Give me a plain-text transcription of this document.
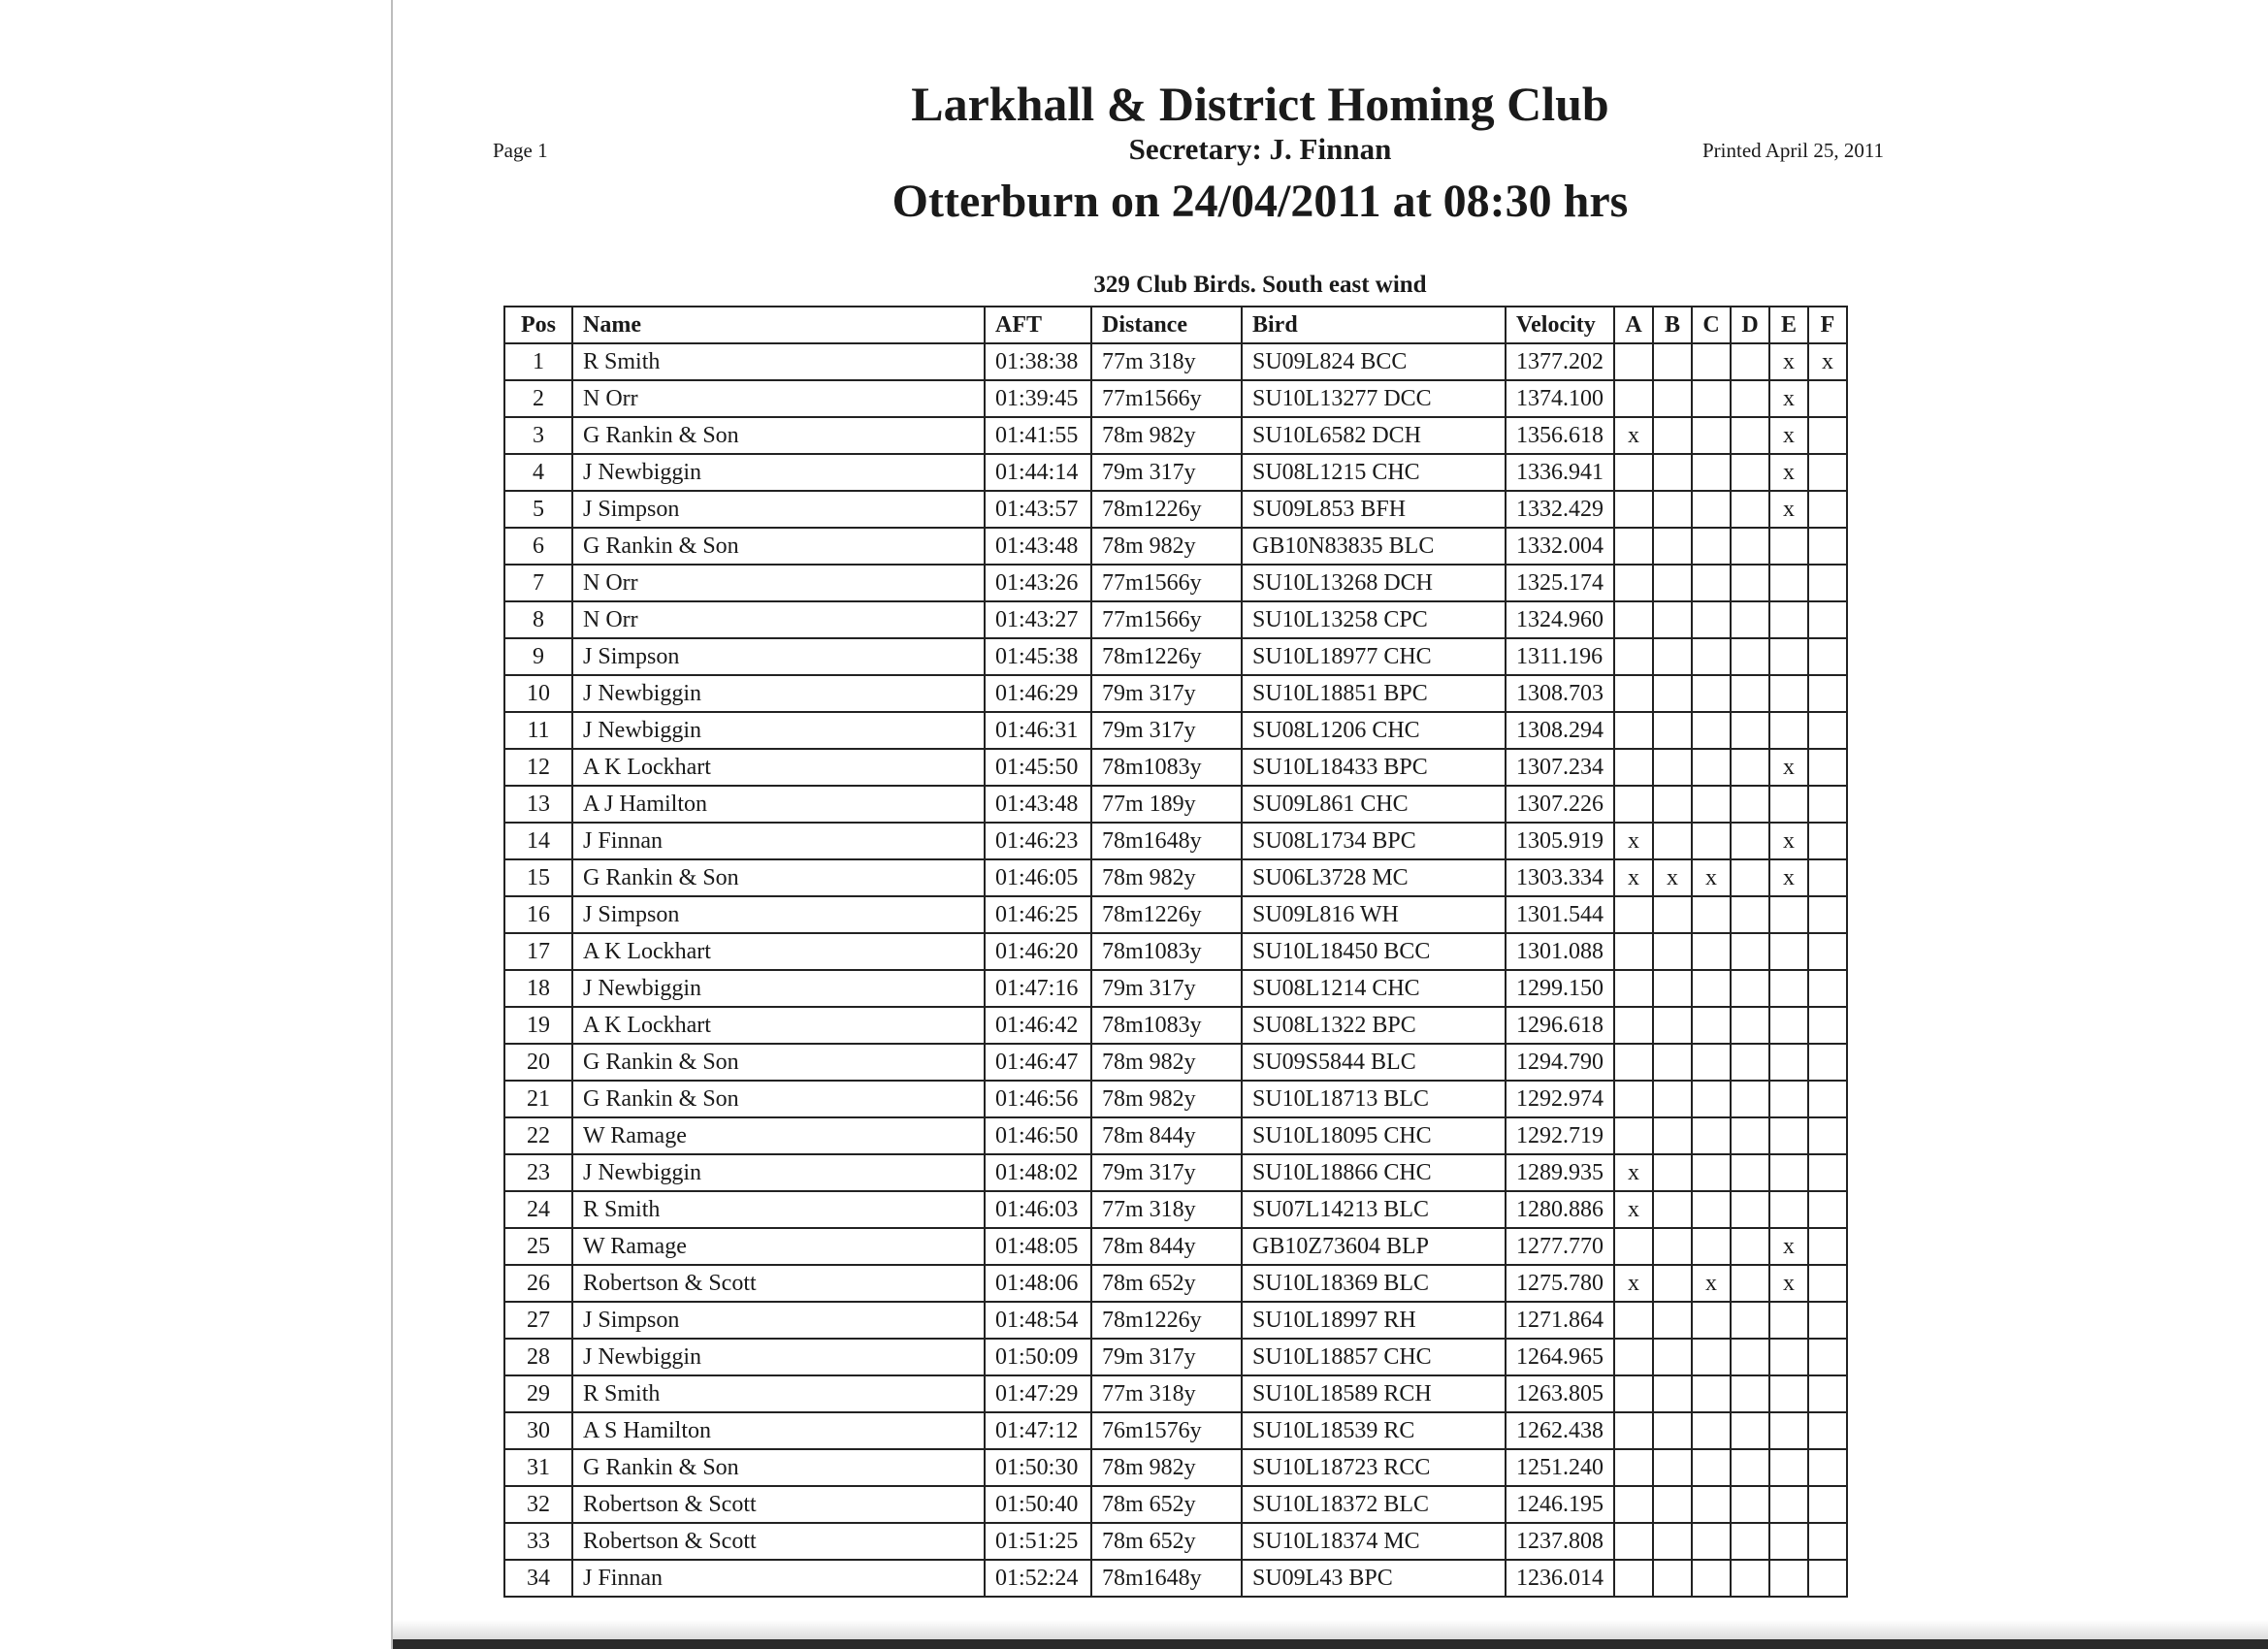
Larkhall & District Homing Club
Page 1	Secretary: J. Finnan	Printed April 25, 2011
Otterburn on 24/04/2011 at 08:30 hrs
329 Club Birds. South east wind
Pos	Name	AFT	Distance	Bird	Velocity	A	B	C	D	E	F
1	R Smith	01:38:38	77m 318y	SU09L824 BCC	1377.202					x	x
2	N Orr	01:39:45	77m1566y	SU10L13277 DCC	1374.100					x	
3	G Rankin & Son	01:41:55	78m 982y	SU10L6582 DCH	1356.618	x				x	
4	J Newbiggin	01:44:14	79m 317y	SU08L1215 CHC	1336.941					x	
5	J Simpson	01:43:57	78m1226y	SU09L853 BFH	1332.429					x	
6	G Rankin & Son	01:43:48	78m 982y	GB10N83835 BLC	1332.004						
7	N Orr	01:43:26	77m1566y	SU10L13268 DCH	1325.174						
8	N Orr	01:43:27	77m1566y	SU10L13258 CPC	1324.960						
9	J Simpson	01:45:38	78m1226y	SU10L18977 CHC	1311.196						
10	J Newbiggin	01:46:29	79m 317y	SU10L18851 BPC	1308.703						
11	J Newbiggin	01:46:31	79m 317y	SU08L1206 CHC	1308.294						
12	A K Lockhart	01:45:50	78m1083y	SU10L18433 BPC	1307.234					x	
13	A J Hamilton	01:43:48	77m 189y	SU09L861 CHC	1307.226						
14	J Finnan	01:46:23	78m1648y	SU08L1734 BPC	1305.919	x				x	
15	G Rankin & Son	01:46:05	78m 982y	SU06L3728 MC	1303.334	x	x	x		x	
16	J Simpson	01:46:25	78m1226y	SU09L816 WH	1301.544						
17	A K Lockhart	01:46:20	78m1083y	SU10L18450 BCC	1301.088						
18	J Newbiggin	01:47:16	79m 317y	SU08L1214 CHC	1299.150						
19	A K Lockhart	01:46:42	78m1083y	SU08L1322 BPC	1296.618						
20	G Rankin & Son	01:46:47	78m 982y	SU09S5844 BLC	1294.790						
21	G Rankin & Son	01:46:56	78m 982y	SU10L18713 BLC	1292.974						
22	W Ramage	01:46:50	78m 844y	SU10L18095 CHC	1292.719						
23	J Newbiggin	01:48:02	79m 317y	SU10L18866 CHC	1289.935	x					
24	R Smith	01:46:03	77m 318y	SU07L14213 BLC	1280.886	x					
25	W Ramage	01:48:05	78m 844y	GB10Z73604 BLP	1277.770					x	
26	Robertson & Scott	01:48:06	78m 652y	SU10L18369 BLC	1275.780	x		x		x	
27	J Simpson	01:48:54	78m1226y	SU10L18997 RH	1271.864						
28	J Newbiggin	01:50:09	79m 317y	SU10L18857 CHC	1264.965						
29	R Smith	01:47:29	77m 318y	SU10L18589 RCH	1263.805						
30	A S Hamilton	01:47:12	76m1576y	SU10L18539 RC	1262.438						
31	G Rankin & Son	01:50:30	78m 982y	SU10L18723 RCC	1251.240						
32	Robertson & Scott	01:50:40	78m 652y	SU10L18372 BLC	1246.195						
33	Robertson & Scott	01:51:25	78m 652y	SU10L18374 MC	1237.808						
34	J Finnan	01:52:24	78m1648y	SU09L43 BPC	1236.014						
